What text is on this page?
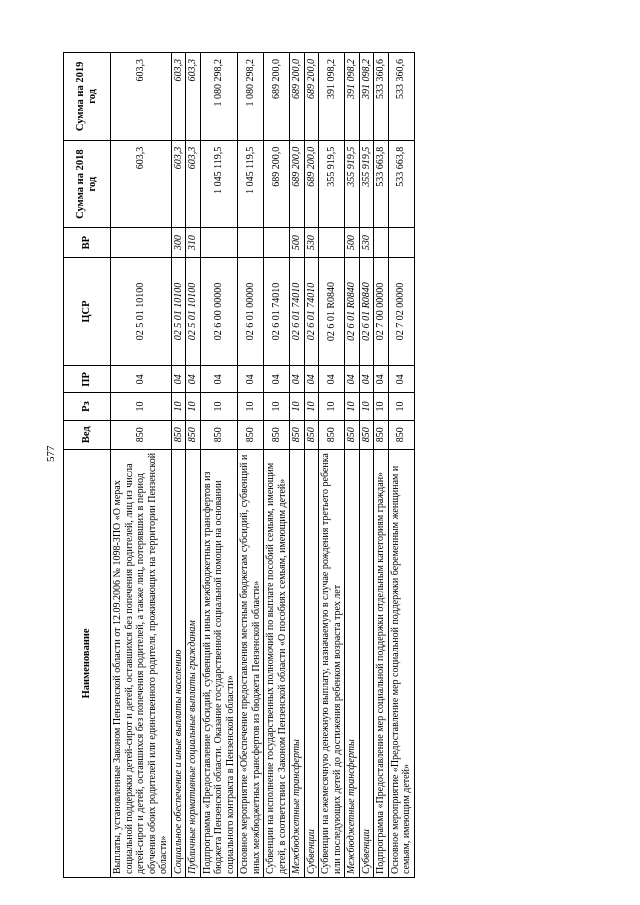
577
Наименование	Вед	Рз	ПР	ЦСР	ВР	Сумма на 2018 год	Сумма на 2019 год
Выплаты, установленные Законом Пензенской области от 12.09.2006 № 1098-ЗПО «О мерах социальной поддержки детей-сирот и детей, оставшихся без попечения родителей, лиц из числа детей-сирот и детей, оставшихся без попечения родителей, а также лиц, потерявших в период обучения обоих родителей или единственного родителя, проживающих на территории Пензенской области»	850	10	04	02 5 01 10100		603,3	603,3
Социальное обеспечение и иные выплаты населению	850	10	04	02 5 01 10100	300	603,3	603,3
Публичные нормативные социальные выплаты гражданам	850	10	04	02 5 01 10100	310	603,3	603,3
Подпрограмма «Предоставление субсидий, субвенций и иных межбюджетных трансфертов из бюджета Пензенской области. Оказание государственной социальной помощи на основании социального контракта в Пензенской области»	850	10	04	02 6 00 00000		1 045 119,5	1 080 298,2
Основное мероприятие «Обеспечение предоставления местным бюджетам субсидий, субвенций и иных межбюджетных трансфертов из бюджета Пензенской области»	850	10	04	02 6 01 00000		1 045 119,5	1 080 298,2
Субвенции на исполнение государственных полномочий по выплате пособий семьям, имеющим детей, в соответствии с Законом Пензенской области «О пособиях семьям, имеющим детей»	850	10	04	02 6 01 74010		689 200,0	689 200,0
Межбюджетные трансферты	850	10	04	02 6 01 74010	500	689 200,0	689 200,0
Субвенции	850	10	04	02 6 01 74010	530	689 200,0	689 200,0
Субвенции на ежемесячную денежную выплату, назначаемую в случае рождения третьего ребенка или последующих детей до достижения ребенком возраста трех лет	850	10	04	02 6 01 R0840		355 919,5	391 098,2
Межбюджетные трансферты	850	10	04	02 6 01 R0840	500	355 919,5	391 098,2
Субвенции	850	10	04	02 6 01 R0840	530	355 919,5	391 098,2
Подпрограмма «Предоставление мер социальной поддержки отдельным категориям граждан»	850	10	04	02 7 00 00000		533 663,8	533 360,6
Основное мероприятие «Предоставление мер социальной поддержки беременным женщинам и семьям, имеющим детей»	850	10	04	02 7 02 00000		533 663,8	533 360,6
